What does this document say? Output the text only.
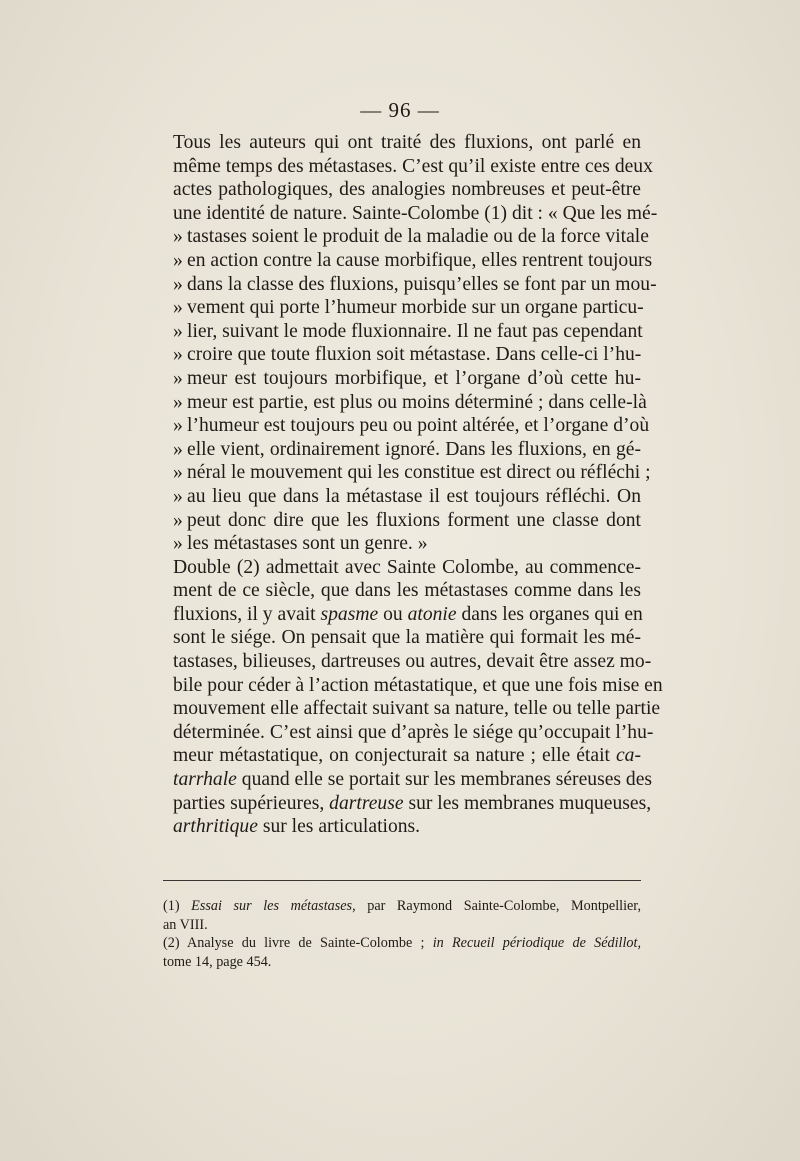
— 96 —
Tous les auteurs qui ont traité des fluxions, ont parlé en
même temps des métastases. C’est qu’il existe entre ces deux
actes pathologiques, des analogies nombreuses et peut-être
une identité de nature. Sainte-Colombe (1) dit : « Que les mé-
» tastases soient le produit de la maladie ou de la force vitale
» en action contre la cause morbifique, elles rentrent toujours
» dans la classe des fluxions, puisqu’elles se font par un mou-
» vement qui porte l’humeur morbide sur un organe particu-
» lier, suivant le mode fluxionnaire. Il ne faut pas cependant
» croire que toute fluxion soit métastase. Dans celle-ci l’hu-
» meur est toujours morbifique, et l’organe d’où cette hu-
» meur est partie, est plus ou moins déterminé ; dans celle-là
» l’humeur est toujours peu ou point altérée, et l’organe d’où
» elle vient, ordinairement ignoré. Dans les fluxions, en gé-
» néral le mouvement qui les constitue est direct ou réfléchi ;
» au lieu que dans la métastase il est toujours réfléchi. On
» peut donc dire que les fluxions forment une classe dont
» les métastases sont un genre. »
Double (2) admettait avec Sainte Colombe, au commence-
ment de ce siècle, que dans les métastases comme dans les
fluxions, il y avait spasme ou atonie dans les organes qui en
sont le siége. On pensait que la matière qui formait les mé-
tastases, bilieuses, dartreuses ou autres, devait être assez mo-
bile pour céder à l’action métastatique, et que une fois mise en
mouvement elle affectait suivant sa nature, telle ou telle partie
déterminée. C’est ainsi que d’après le siége qu’occupait l’hu-
meur métastatique, on conjecturait sa nature ; elle était ca-
tarrhale quand elle se portait sur les membranes séreuses des
parties supérieures, dartreuse sur les membranes muqueuses,
arthritique sur les articulations.
(1) Essai sur les métastases, par Raymond Sainte-Colombe, Montpellier,
an VIII.
(2) Analyse du livre de Sainte-Colombe ; in Recueil périodique de Sédillot,
tome 14, page 454.
